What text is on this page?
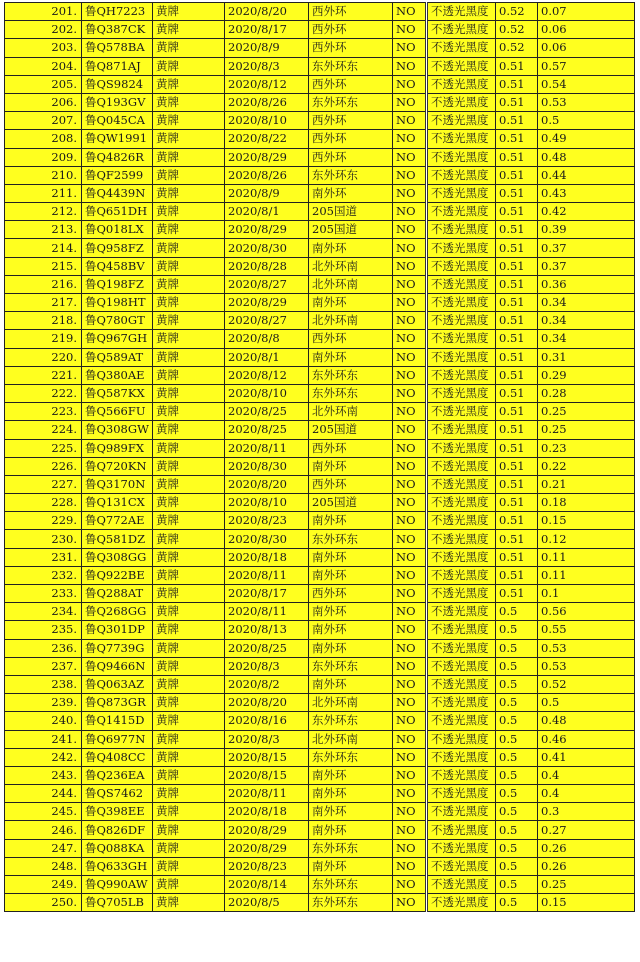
201.	鲁QH7223	黄牌	2020/8/20	西外环	NO	不透光黑度	0.52	0.07
202.	鲁Q387CK	黄牌	2020/8/17	西外环	NO	不透光黑度	0.52	0.06
203.	鲁Q578BA	黄牌	2020/8/9	西外环	NO	不透光黑度	0.52	0.06
204.	鲁Q871AJ	黄牌	2020/8/3	东外环东	NO	不透光黑度	0.51	0.57
205.	鲁QS9824	黄牌	2020/8/12	西外环	NO	不透光黑度	0.51	0.54
206.	鲁Q193GV	黄牌	2020/8/26	东外环东	NO	不透光黑度	0.51	0.53
207.	鲁Q045CA	黄牌	2020/8/10	西外环	NO	不透光黑度	0.51	0.5
208.	鲁QW1991	黄牌	2020/8/22	西外环	NO	不透光黑度	0.51	0.49
209.	鲁Q4826R	黄牌	2020/8/29	西外环	NO	不透光黑度	0.51	0.48
210.	鲁QF2599	黄牌	2020/8/26	东外环东	NO	不透光黑度	0.51	0.44
211.	鲁Q4439N	黄牌	2020/8/9	南外环	NO	不透光黑度	0.51	0.43
212.	鲁Q651DH	黄牌	2020/8/1	205国道	NO	不透光黑度	0.51	0.42
213.	鲁Q018LX	黄牌	2020/8/29	205国道	NO	不透光黑度	0.51	0.39
214.	鲁Q958FZ	黄牌	2020/8/30	南外环	NO	不透光黑度	0.51	0.37
215.	鲁Q458BV	黄牌	2020/8/28	北外环南	NO	不透光黑度	0.51	0.37
216.	鲁Q198FZ	黄牌	2020/8/27	北外环南	NO	不透光黑度	0.51	0.36
217.	鲁Q198HT	黄牌	2020/8/29	南外环	NO	不透光黑度	0.51	0.34
218.	鲁Q780GT	黄牌	2020/8/27	北外环南	NO	不透光黑度	0.51	0.34
219.	鲁Q967GH	黄牌	2020/8/8	西外环	NO	不透光黑度	0.51	0.34
220.	鲁Q589AT	黄牌	2020/8/1	南外环	NO	不透光黑度	0.51	0.31
221.	鲁Q380AE	黄牌	2020/8/12	东外环东	NO	不透光黑度	0.51	0.29
222.	鲁Q587KX	黄牌	2020/8/10	东外环东	NO	不透光黑度	0.51	0.28
223.	鲁Q566FU	黄牌	2020/8/25	北外环南	NO	不透光黑度	0.51	0.25
224.	鲁Q308GW	黄牌	2020/8/25	205国道	NO	不透光黑度	0.51	0.25
225.	鲁Q989FX	黄牌	2020/8/11	西外环	NO	不透光黑度	0.51	0.23
226.	鲁Q720KN	黄牌	2020/8/30	南外环	NO	不透光黑度	0.51	0.22
227.	鲁Q3170N	黄牌	2020/8/20	西外环	NO	不透光黑度	0.51	0.21
228.	鲁Q131CX	黄牌	2020/8/10	205国道	NO	不透光黑度	0.51	0.18
229.	鲁Q772AE	黄牌	2020/8/23	南外环	NO	不透光黑度	0.51	0.15
230.	鲁Q581DZ	黄牌	2020/8/30	东外环东	NO	不透光黑度	0.51	0.12
231.	鲁Q308GG	黄牌	2020/8/18	南外环	NO	不透光黑度	0.51	0.11
232.	鲁Q922BE	黄牌	2020/8/11	南外环	NO	不透光黑度	0.51	0.11
233.	鲁Q288AT	黄牌	2020/8/17	西外环	NO	不透光黑度	0.51	0.1
234.	鲁Q268GG	黄牌	2020/8/11	南外环	NO	不透光黑度	0.5	0.56
235.	鲁Q301DP	黄牌	2020/8/13	南外环	NO	不透光黑度	0.5	0.55
236.	鲁Q7739G	黄牌	2020/8/25	南外环	NO	不透光黑度	0.5	0.53
237.	鲁Q9466N	黄牌	2020/8/3	东外环东	NO	不透光黑度	0.5	0.53
238.	鲁Q063AZ	黄牌	2020/8/2	南外环	NO	不透光黑度	0.5	0.52
239.	鲁Q873GR	黄牌	2020/8/20	北外环南	NO	不透光黑度	0.5	0.5
240.	鲁Q1415D	黄牌	2020/8/16	东外环东	NO	不透光黑度	0.5	0.48
241.	鲁Q6977N	黄牌	2020/8/3	北外环南	NO	不透光黑度	0.5	0.46
242.	鲁Q408CC	黄牌	2020/8/15	东外环东	NO	不透光黑度	0.5	0.41
243.	鲁Q236EA	黄牌	2020/8/15	南外环	NO	不透光黑度	0.5	0.4
244.	鲁QS7462	黄牌	2020/8/11	南外环	NO	不透光黑度	0.5	0.4
245.	鲁Q398EE	黄牌	2020/8/18	南外环	NO	不透光黑度	0.5	0.3
246.	鲁Q826DF	黄牌	2020/8/29	南外环	NO	不透光黑度	0.5	0.27
247.	鲁Q088KA	黄牌	2020/8/29	东外环东	NO	不透光黑度	0.5	0.26
248.	鲁Q633GH	黄牌	2020/8/23	南外环	NO	不透光黑度	0.5	0.26
249.	鲁Q990AW	黄牌	2020/8/14	东外环东	NO	不透光黑度	0.5	0.25
250.	鲁Q705LB	黄牌	2020/8/5	东外环东	NO	不透光黑度	0.5	0.15
